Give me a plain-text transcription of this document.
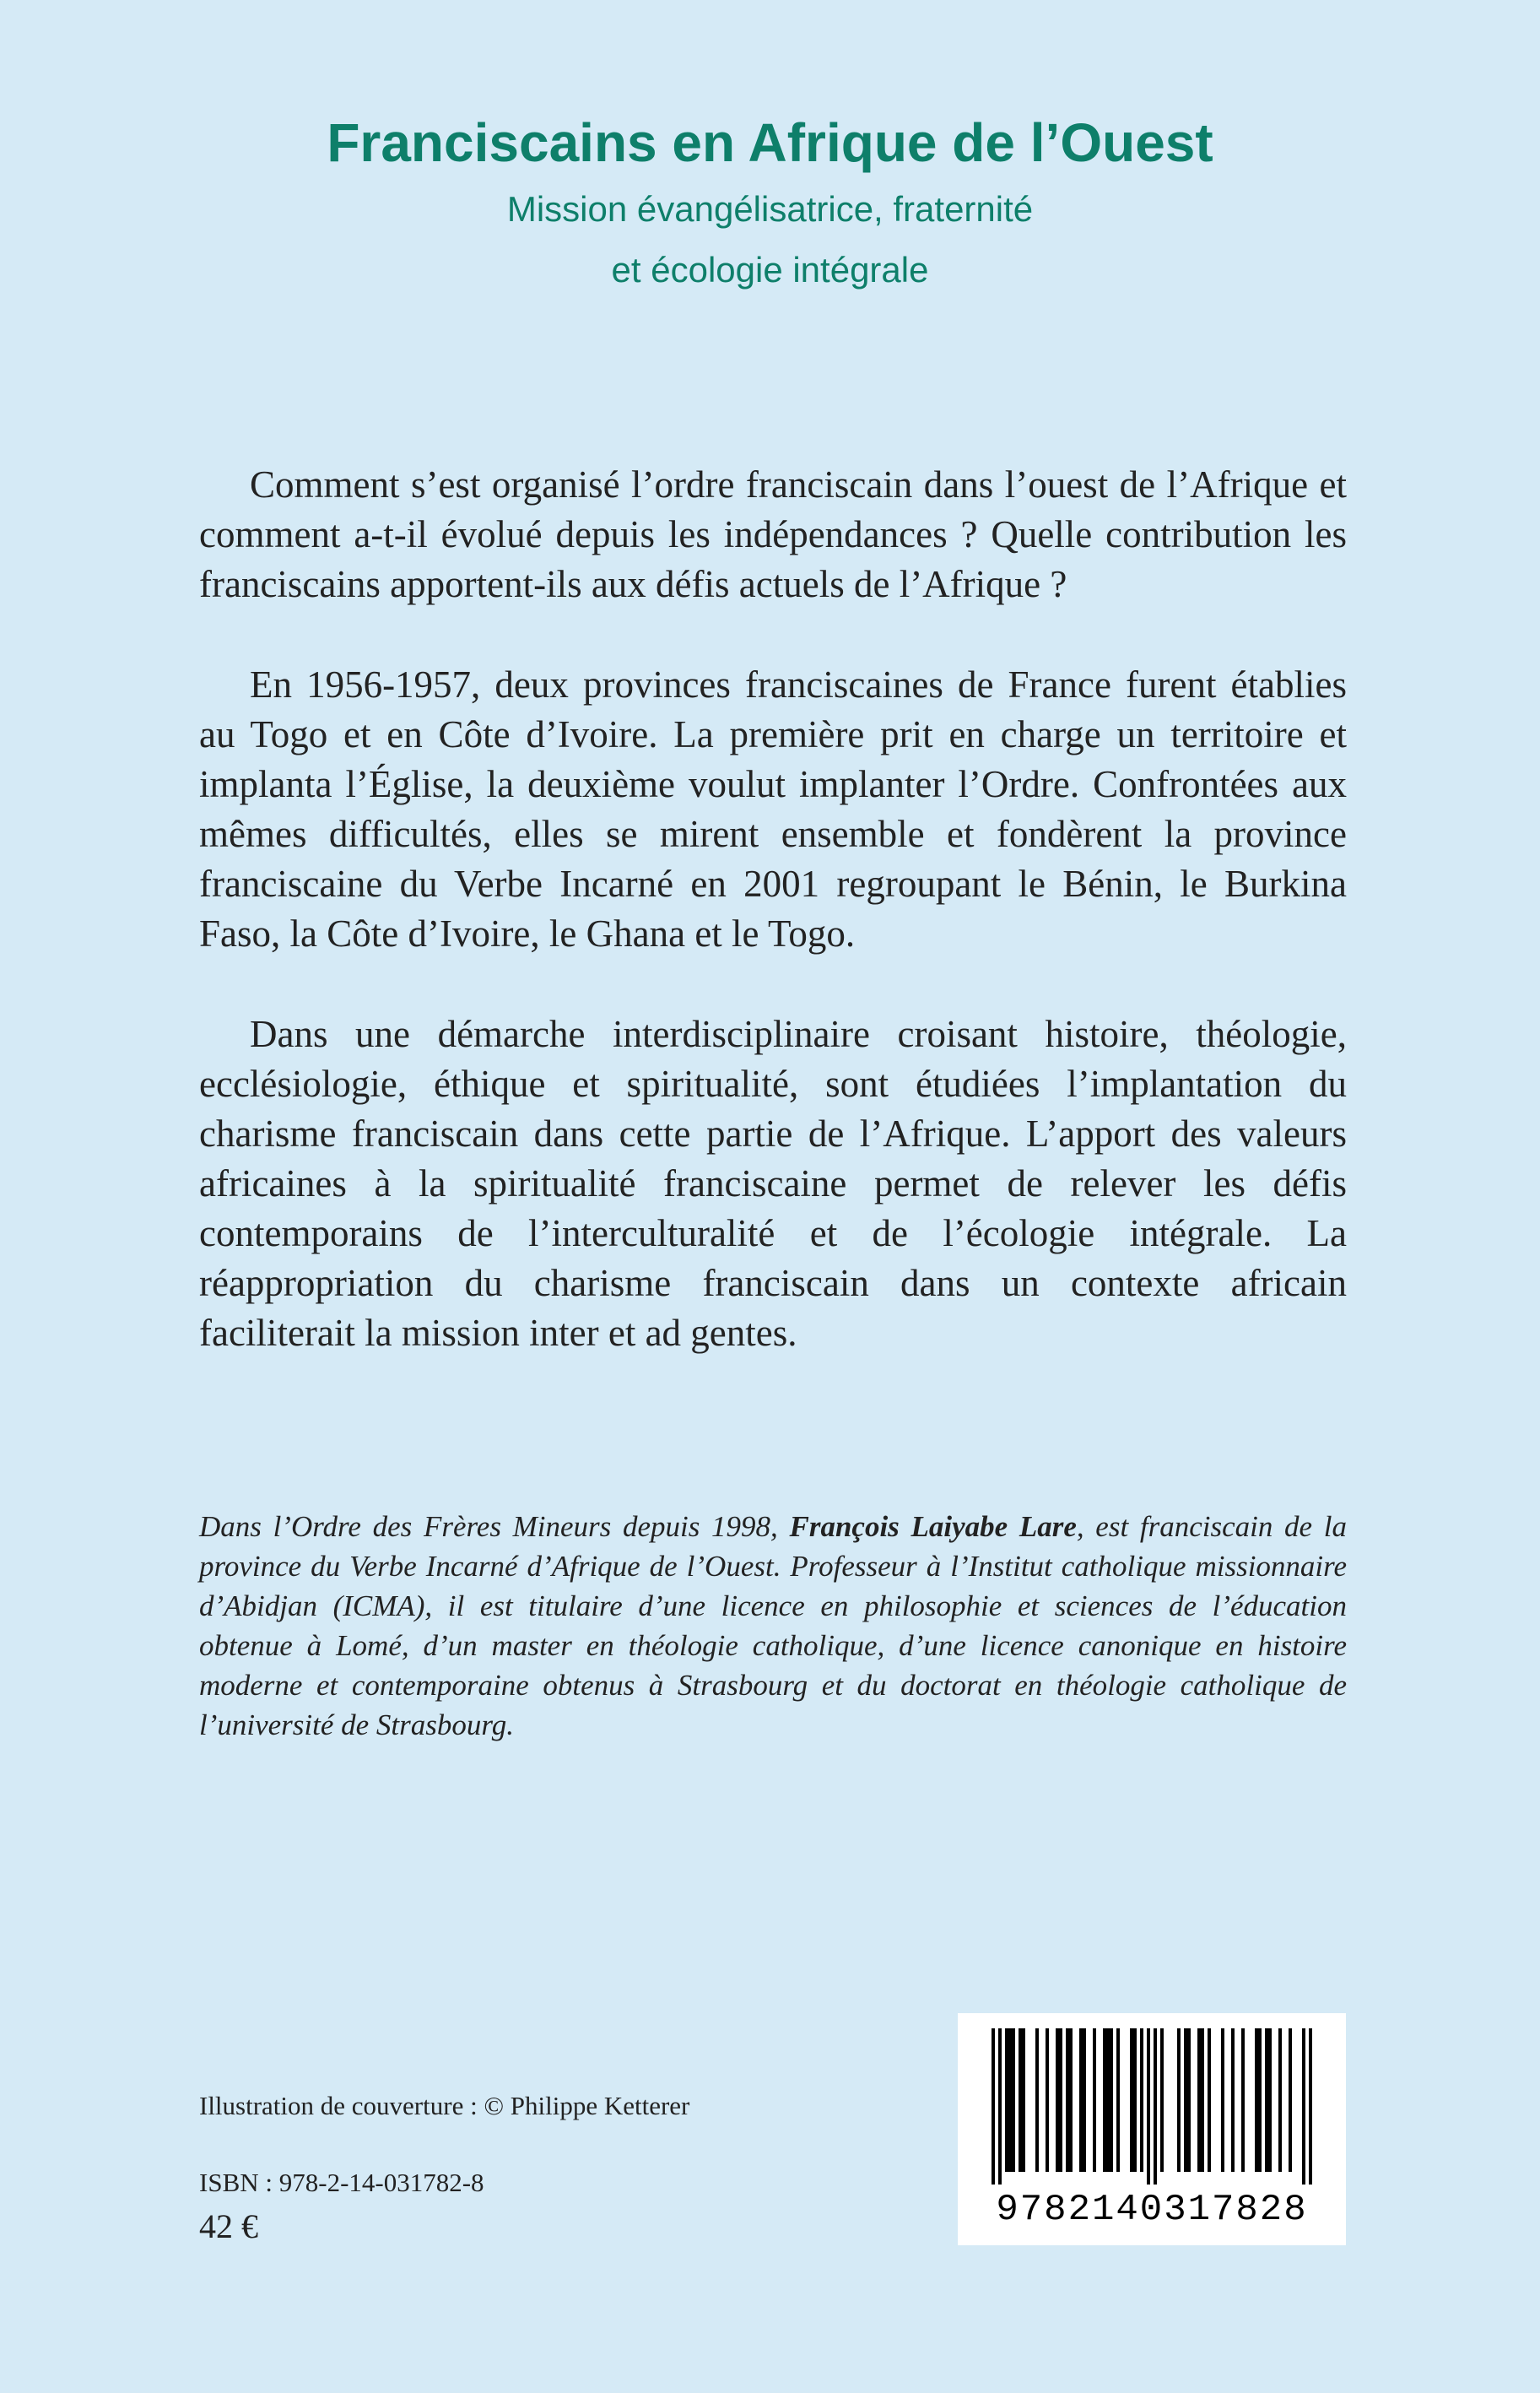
Franciscains en Afrique de l’Ouest
Mission évangélisatrice, fraternité
et écologie intégrale

Comment s’est organisé l’ordre franciscain dans l’ouest de l’Afrique et comment a-t-il évolué depuis les indépendances ? Quelle contribution les franciscains apportent-ils aux défis actuels de l’Afrique ?

En 1956-1957, deux provinces franciscaines de France furent établies au Togo et en Côte d’Ivoire. La première prit en charge un territoire et implanta l’Église, la deuxième voulut implanter l’Ordre. Confrontées aux mêmes difficultés, elles se mirent ensemble et fondèrent la province franciscaine du Verbe Incarné en 2001 regroupant le Bénin, le Burkina Faso, la Côte d’Ivoire, le Ghana et le Togo.

Dans une démarche interdisciplinaire croisant histoire, théologie, ecclésiologie, éthique et spiritualité, sont étudiées l’implantation du charisme franciscain dans cette partie de l’Afrique. L’apport des valeurs africaines à la spiritualité franciscaine permet de relever les défis contemporains de l’interculturalité et de l’écologie intégrale. La réappropriation du charisme franciscain dans un contexte africain faciliterait la mission inter et ad gentes.

Dans l’Ordre des Frères Mineurs depuis 1998, François Laiyabe Lare, est franciscain de la province du Verbe Incarné d’Afrique de l’Ouest. Professeur à l’Institut catholique missionnaire d’Abidjan (ICMA), il est titulaire d’une licence en philosophie et sciences de l’éducation obtenue à Lomé, d’un master en théologie catholique, d’une licence canonique en histoire moderne et contemporaine obtenus à Strasbourg et du doctorat en théologie catholique de l’université de Strasbourg.
Illustration de couverture : © Philippe Ketterer
ISBN : 978-2-14-031782-8
42 €	9782140317828
